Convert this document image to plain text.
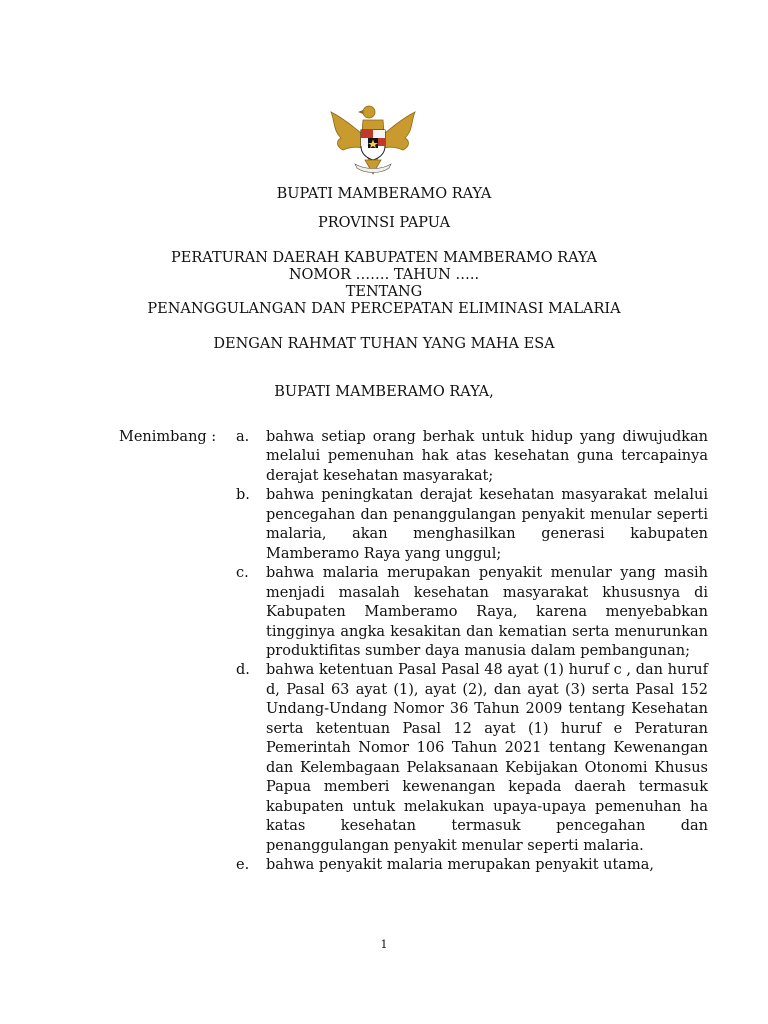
BUPATI MAMBERAMO RAYA
PROVINSI PAPUA
PERATURAN DAERAH KABUPATEN MAMBERAMO RAYA
NOMOR ……. TAHUN …..
TENTANG
PENANGGULANGAN DAN PERCEPATAN ELIMINASI MALARIA
DENGAN RAHMAT TUHAN YANG MAHA ESA
BUPATI MAMBERAMO RAYA,
Menimbang : a.	bahwa setiap orang berhak untuk hidup yang diwujudkan melalui pemenuhan hak atas kesehatan guna tercapainya derajat kesehatan masyarakat;
b.	bahwa peningkatan derajat kesehatan masyarakat melalui pencegahan dan penanggulangan penyakit menular seperti malaria, akan menghasilkan generasi kabupaten Mamberamo Raya yang unggul;
c.	bahwa malaria merupakan penyakit menular yang masih menjadi masalah kesehatan masyarakat khususnya di Kabupaten Mamberamo Raya, karena menyebabkan tingginya angka kesakitan dan kematian serta menurunkan produktifitas sumber daya manusia dalam pembangunan;
d.	bahwa ketentuan Pasal Pasal 48 ayat (1) huruf c , dan huruf d, Pasal 63 ayat (1), ayat (2), dan ayat (3) serta Pasal 152 Undang-Undang Nomor 36 Tahun 2009 tentang Kesehatan serta ketentuan Pasal 12 ayat (1) huruf e Peraturan Pemerintah Nomor 106 Tahun 2021 tentang Kewenangan dan Kelembagaan Pelaksanaan Kebijakan Otonomi Khusus Papua memberi kewenangan kepada daerah termasuk kabupaten untuk melakukan upaya-upaya pemenuhan ha katas kesehatan termasuk pencegahan dan penanggulangan penyakit menular seperti malaria.
e.	bahwa penyakit malaria merupakan penyakit utama,
1
